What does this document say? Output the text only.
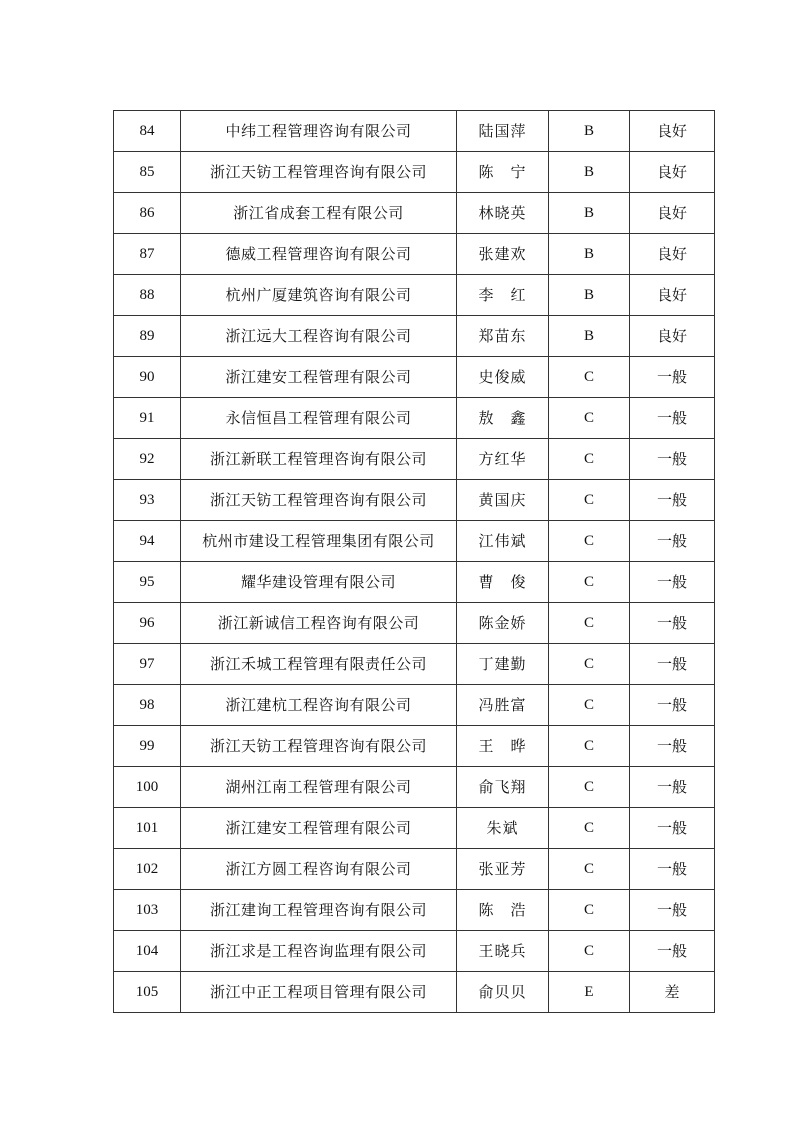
84	中纬工程管理咨询有限公司	陆国萍	B	良好
85	浙江天钫工程管理咨询有限公司	陈　宁	B	良好
86	浙江省成套工程有限公司	林晓英	B	良好
87	德威工程管理咨询有限公司	张建欢	B	良好
88	杭州广厦建筑咨询有限公司	李　红	B	良好
89	浙江远大工程咨询有限公司	郑苗东	B	良好
90	浙江建安工程管理有限公司	史俊威	C	一般
91	永信恒昌工程管理有限公司	敖　鑫	C	一般
92	浙江新联工程管理咨询有限公司	方红华	C	一般
93	浙江天钫工程管理咨询有限公司	黄国庆	C	一般
94	杭州市建设工程管理集团有限公司	江伟斌	C	一般
95	耀华建设管理有限公司	曹　俊	C	一般
96	浙江新诚信工程咨询有限公司	陈金娇	C	一般
97	浙江禾城工程管理有限责任公司	丁建勤	C	一般
98	浙江建杭工程咨询有限公司	冯胜富	C	一般
99	浙江天钫工程管理咨询有限公司	王　晔	C	一般
100	湖州江南工程管理有限公司	俞飞翔	C	一般
101	浙江建安工程管理有限公司	朱斌	C	一般
102	浙江方圆工程咨询有限公司	张亚芳	C	一般
103	浙江建询工程管理咨询有限公司	陈　浩	C	一般
104	浙江求是工程咨询监理有限公司	王晓兵	C	一般
105	浙江中正工程项目管理有限公司	俞贝贝	E	差
